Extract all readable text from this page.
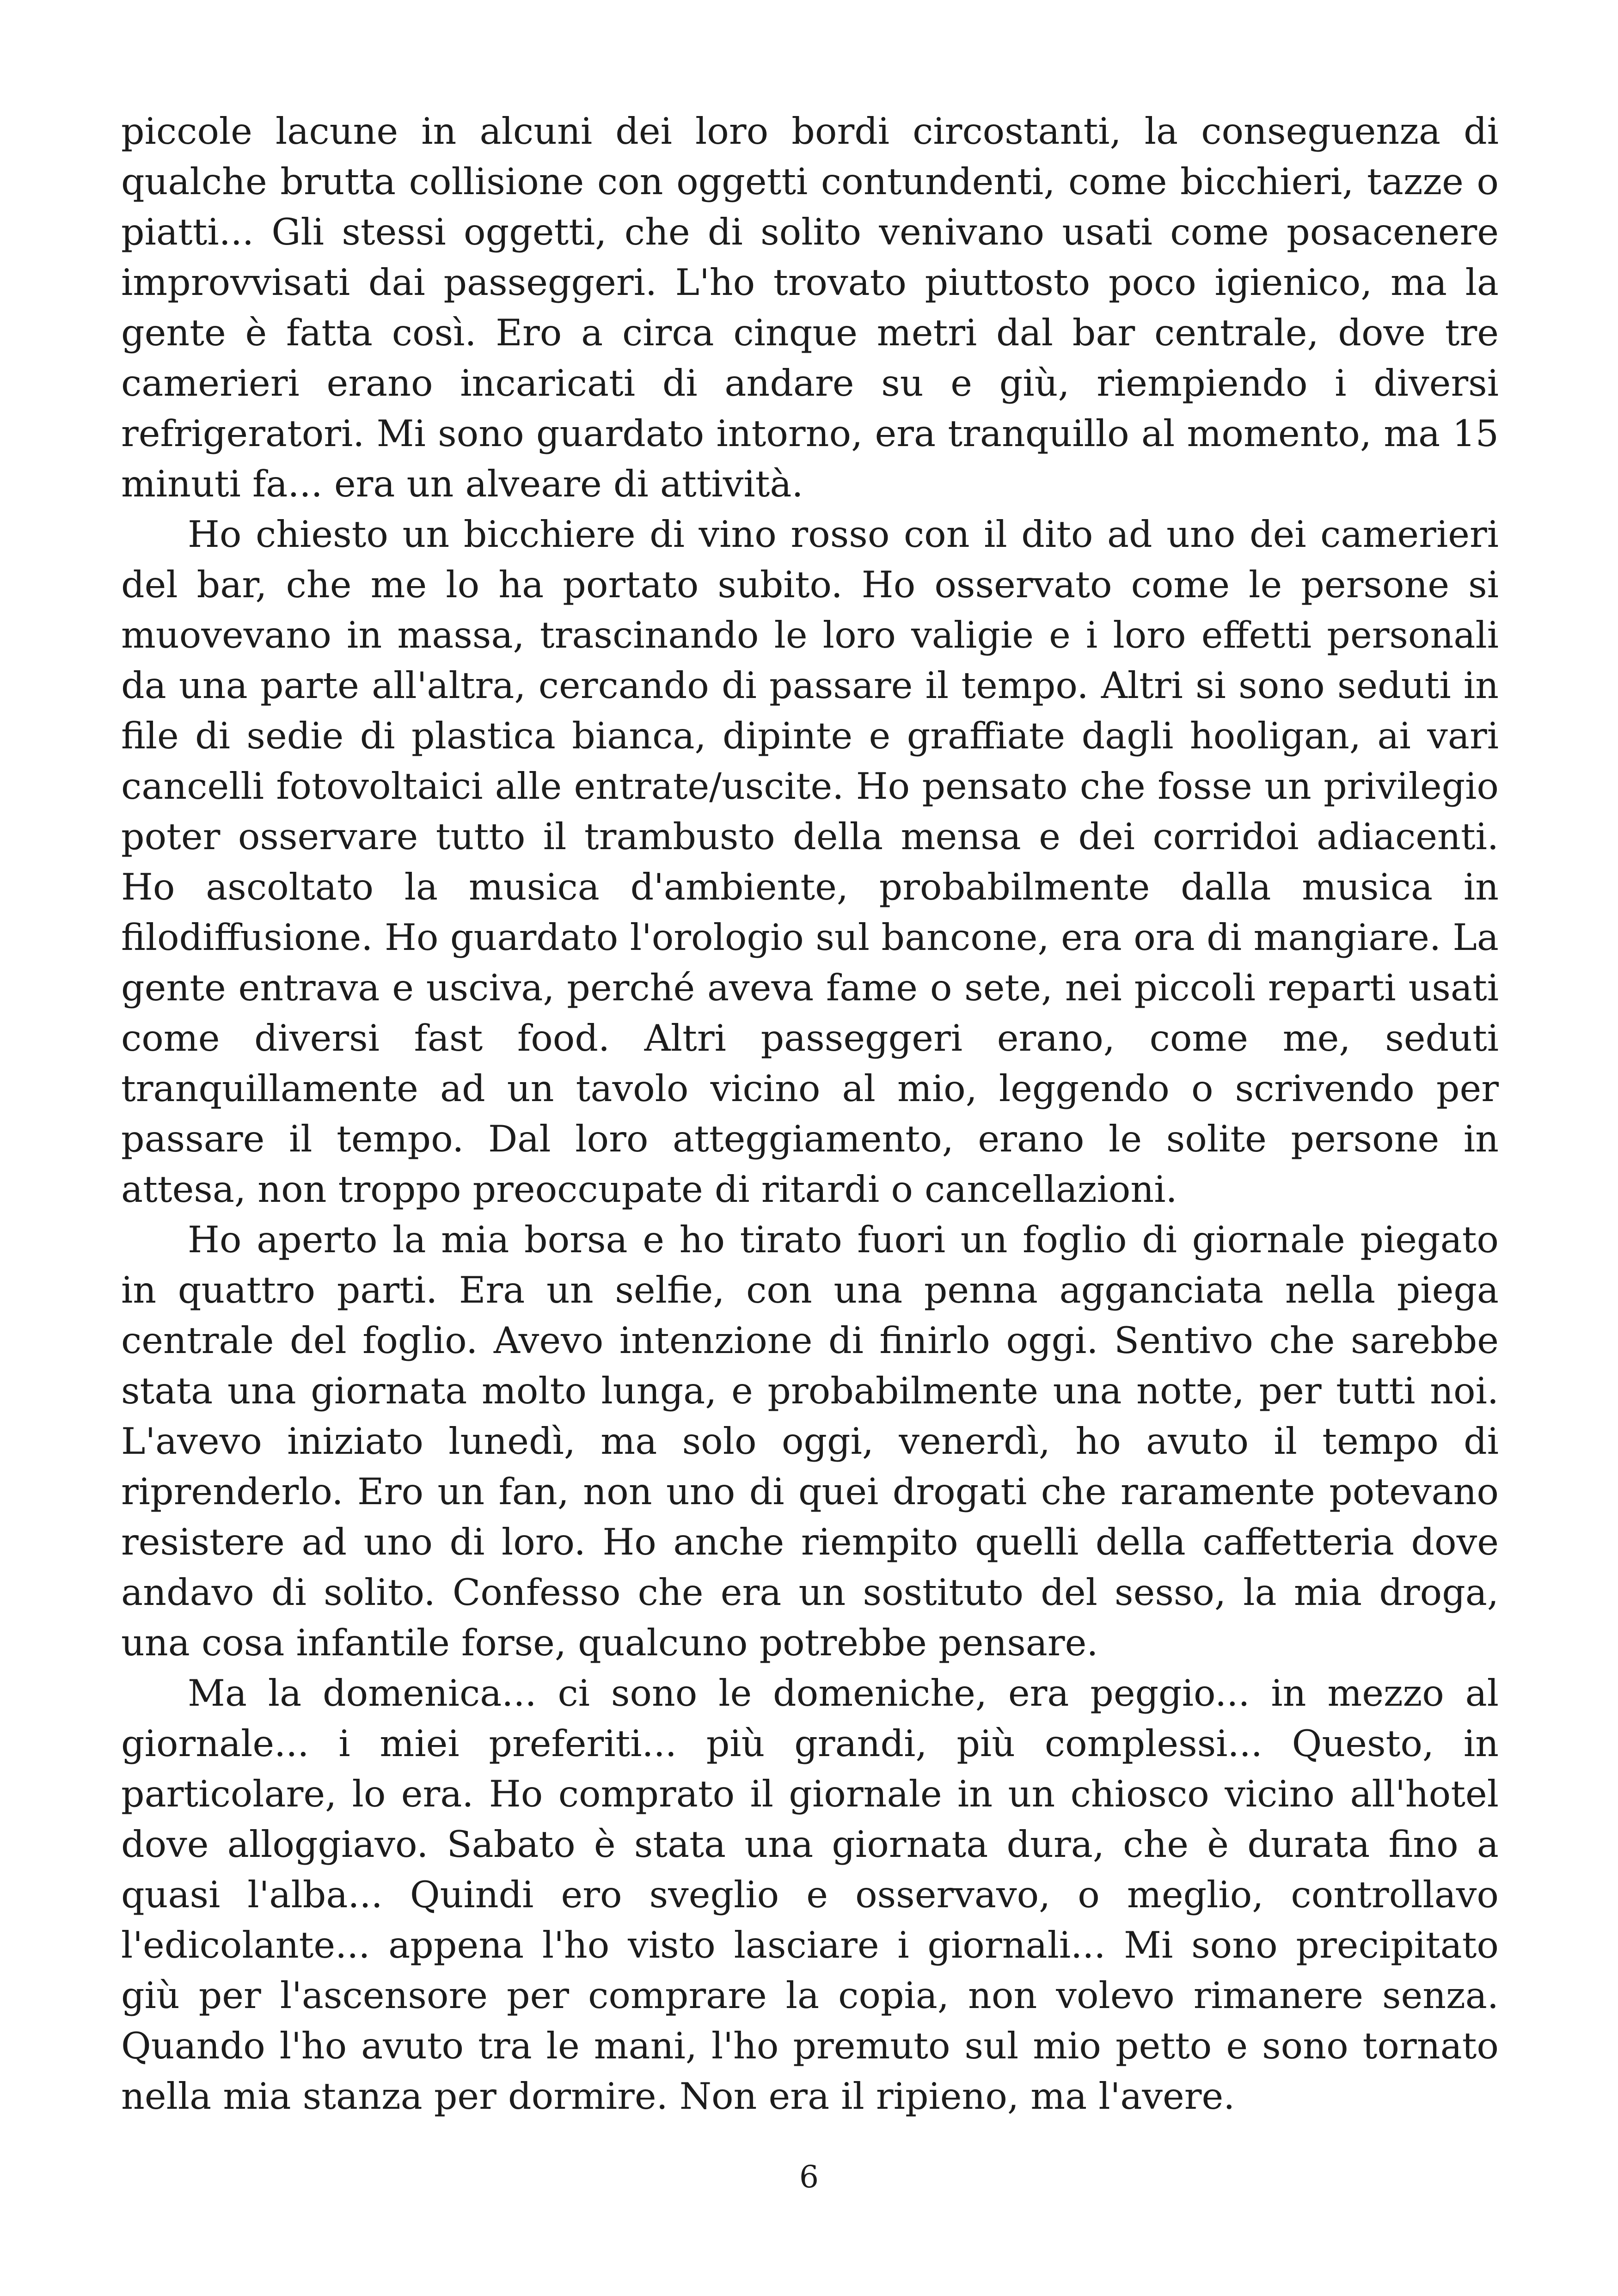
piccole lacune in alcuni dei loro bordi circostanti, la conseguenza di qualche brutta collisione con oggetti contundenti, come bicchieri, tazze o piatti... Gli stessi oggetti, che di solito venivano usati come posacenere improvvisati dai passeggeri. L'ho trovato piuttosto poco igienico, ma la gente è fatta così. Ero a circa cinque metri dal bar centrale, dove tre camerieri erano incaricati di andare su e giù, riempiendo i diversi refrigeratori. Mi sono guardato intorno, era tranquillo al momento, ma 15 minuti fa... era un alveare di attività.

Ho chiesto un bicchiere di vino rosso con il dito ad uno dei camerieri del bar, che me lo ha portato subito. Ho osservato come le persone si muovevano in massa, trascinando le loro valigie e i loro effetti personali da una parte all'altra, cercando di passare il tempo. Altri si sono seduti in file di sedie di plastica bianca, dipinte e graffiate dagli hooligan, ai vari cancelli fotovoltaici alle entrate/uscite. Ho pensato che fosse un privilegio poter osservare tutto il trambusto della mensa e dei corridoi adiacenti. Ho ascoltato la musica d'ambiente, probabilmente dalla musica in filodiffusione. Ho guardato l'orologio sul bancone, era ora di mangiare. La gente entrava e usciva, perché aveva fame o sete, nei piccoli reparti usati come diversi fast food. Altri passeggeri erano, come me, seduti tranquillamente ad un tavolo vicino al mio, leggendo o scrivendo per passare il tempo. Dal loro atteggiamento, erano le solite persone in attesa, non troppo preoccupate di ritardi o cancellazioni.

Ho aperto la mia borsa e ho tirato fuori un foglio di giornale piegato in quattro parti. Era un selfie, con una penna agganciata nella piega centrale del foglio. Avevo intenzione di finirlo oggi. Sentivo che sarebbe stata una giornata molto lunga, e probabilmente una notte, per tutti noi. L'avevo iniziato lunedì, ma solo oggi, venerdì, ho avuto il tempo di riprenderlo. Ero un fan, non uno di quei drogati che raramente potevano resistere ad uno di loro. Ho anche riempito quelli della caffetteria dove andavo di solito. Confesso che era un sostituto del sesso, la mia droga, una cosa infantile forse, qualcuno potrebbe pensare.

Ma la domenica... ci sono le domeniche, era peggio... in mezzo al giornale... i miei preferiti... più grandi, più complessi... Questo, in particolare, lo era. Ho comprato il giornale in un chiosco vicino all'hotel dove alloggiavo. Sabato è stata una giornata dura, che è durata fino a quasi l'alba... Quindi ero sveglio e osservavo, o meglio, controllavo l'edicolante... appena l'ho visto lasciare i giornali... Mi sono precipitato giù per l'ascensore per comprare la copia, non volevo rimanere senza. Quando l'ho avuto tra le mani, l'ho premuto sul mio petto e sono tornato nella mia stanza per dormire. Non era il ripieno, ma l'avere.

6
